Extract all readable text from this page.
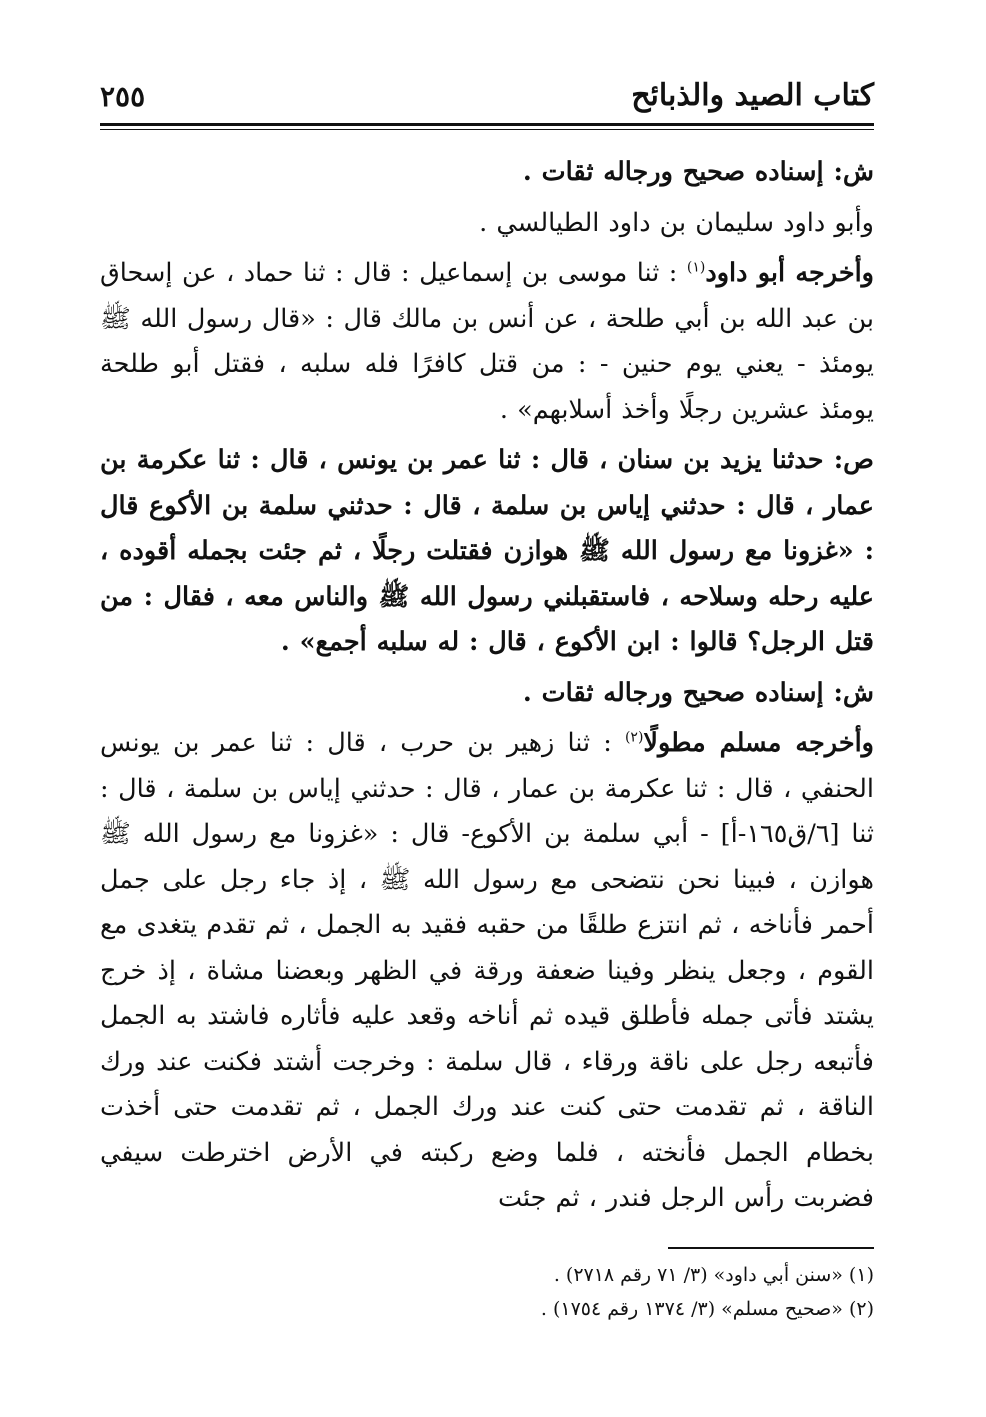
كتاب الصيد والذبائح
٢٥٥

ش: إسناده صحيح ورجاله ثقات .

وأبو داود سليمان بن داود الطيالسي .

وأخرجه أبو داود$^{(١)}$ : ثنا موسى بن إسماعيل : قال : ثنا حماد ، عن إسحاق بن عبد الله بن أبي طلحة ، عن أنس بن مالك قال : «قال رسول الله ﷺ يومئذ - يعني يوم حنين - : من قتل كافرًا فله سلبه ، فقتل أبو طلحة يومئذ عشرين رجلًا وأخذ أسلابهم» .

ص: حدثنا يزيد بن سنان ، قال : ثنا عمر بن يونس ، قال : ثنا عكرمة بن عمار ، قال : حدثني إياس بن سلمة ، قال : حدثني سلمة بن الأكوع قال : «غزونا مع رسول الله ﷺ هوازن فقتلت رجلًا ، ثم جئت بجمله أقوده ، عليه رحله وسلاحه ، فاستقبلني رسول الله ﷺ والناس معه ، فقال : من قتل الرجل؟ قالوا : ابن الأكوع ، قال : له سلبه أجمع» .

ش: إسناده صحيح ورجاله ثقات .

وأخرجه مسلم مطولًا$^{(٢)}$ : ثنا زهير بن حرب ، قال : ثنا عمر بن يونس الحنفي ، قال : ثنا عكرمة بن عمار ، قال : حدثني إياس بن سلمة ، قال : ثنا [٦/ق١٦٥-أ] - أبي سلمة بن الأكوع- قال : «غزونا مع رسول الله ﷺ هوازن ، فبينا نحن نتضحى مع رسول الله ﷺ ، إذ جاء رجل على جمل أحمر فأناخه ، ثم انتزع طلقًا من حقبه فقيد به الجمل ، ثم تقدم يتغدى مع القوم ، وجعل ينظر وفينا ضعفة ورقة في الظهر وبعضنا مشاة ، إذ خرج يشتد فأتى جمله فأطلق قيده ثم أناخه وقعد عليه فأثاره فاشتد به الجمل فأتبعه رجل على ناقة ورقاء ، قال سلمة : وخرجت أشتد فكنت عند ورك الناقة ، ثم تقدمت حتى كنت عند ورك الجمل ، ثم تقدمت حتى أخذت بخطام الجمل فأنخته ، فلما وضع ركبته في الأرض اخترطت سيفي فضربت رأس الرجل فندر ، ثم جئت

(١) «سنن أبي داود» (٣/ ٧١ رقم ٢٧١٨) .

(٢) «صحيح مسلم» (٣/ ١٣٧٤ رقم ١٧٥٤) .
